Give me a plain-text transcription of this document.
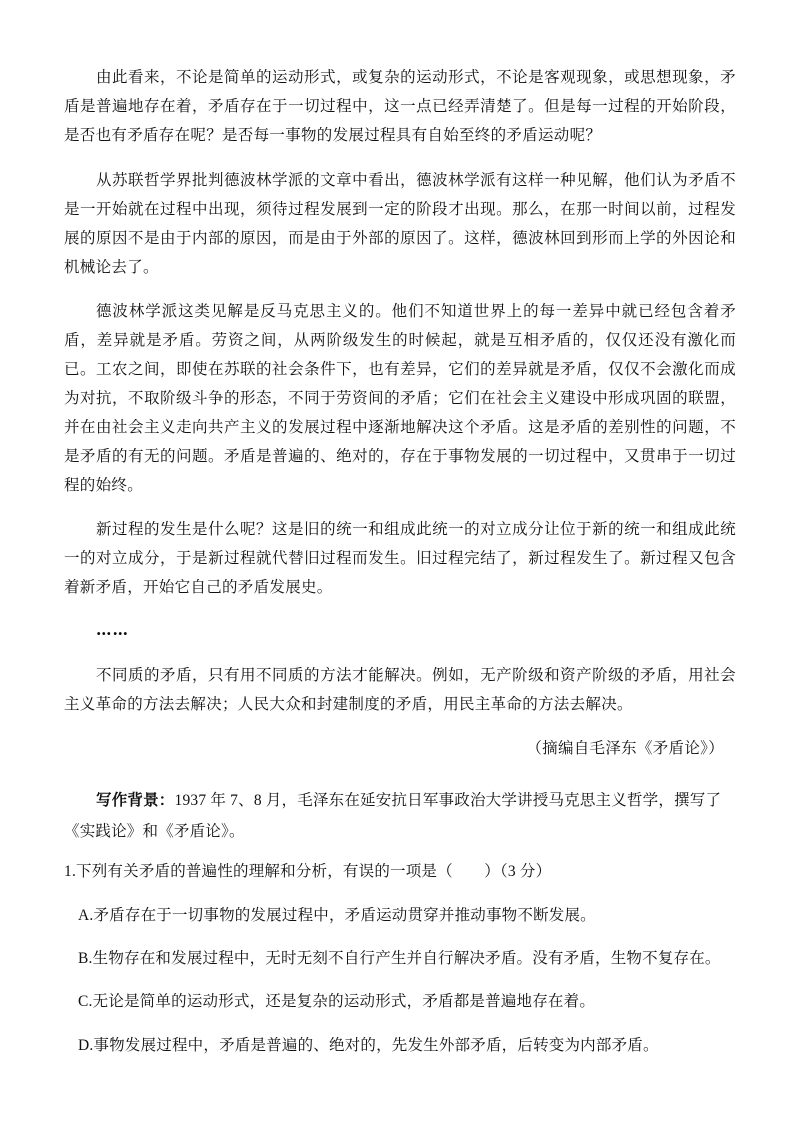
由此看来，不论是简单的运动形式，或复杂的运动形式，不论是客观现象，或思想现象，矛盾是普遍地存在着，矛盾存在于一切过程中，这一点已经弄清楚了。但是每一过程的开始阶段，是否也有矛盾存在呢？是否每一事物的发展过程具有自始至终的矛盾运动呢？

从苏联哲学界批判德波林学派的文章中看出，德波林学派有这样一种见解，他们认为矛盾不是一开始就在过程中出现，须待过程发展到一定的阶段才出现。那么，在那一时间以前，过程发展的原因不是由于内部的原因，而是由于外部的原因了。这样，德波林回到形而上学的外因论和机械论去了。

德波林学派这类见解是反马克思主义的。他们不知道世界上的每一差异中就已经包含着矛盾，差异就是矛盾。劳资之间，从两阶级发生的时候起，就是互相矛盾的，仅仅还没有激化而已。工农之间，即使在苏联的社会条件下，也有差异，它们的差异就是矛盾，仅仅不会激化而成为对抗，不取阶级斗争的形态，不同于劳资间的矛盾；它们在社会主义建设中形成巩固的联盟，并在由社会主义走向共产主义的发展过程中逐渐地解决这个矛盾。这是矛盾的差别性的问题，不是矛盾的有无的问题。矛盾是普遍的、绝对的，存在于事物发展的一切过程中，又贯串于一切过程的始终。

新过程的发生是什么呢？这是旧的统一和组成此统一的对立成分让位于新的统一和组成此统一的对立成分，于是新过程就代替旧过程而发生。旧过程完结了，新过程发生了。新过程又包含着新矛盾，开始它自己的矛盾发展史。

……

不同质的矛盾，只有用不同质的方法才能解决。例如，无产阶级和资产阶级的矛盾，用社会主义革命的方法去解决；人民大众和封建制度的矛盾，用民主革命的方法去解决。

（摘编自毛泽东《矛盾论》）

写作背景：1937 年 7、8 月，毛泽东在延安抗日军事政治大学讲授马克思主义哲学，撰写了《实践论》和《矛盾论》。

1.下列有关矛盾的普遍性的理解和分析，有误的一项是（　　）（3 分）

A.矛盾存在于一切事物的发展过程中，矛盾运动贯穿并推动事物不断发展。

B.生物存在和发展过程中，无时无刻不自行产生并自行解决矛盾。没有矛盾，生物不复存在。

C.无论是简单的运动形式，还是复杂的运动形式，矛盾都是普遍地存在着。

D.事物发展过程中，矛盾是普遍的、绝对的，先发生外部矛盾，后转变为内部矛盾。
